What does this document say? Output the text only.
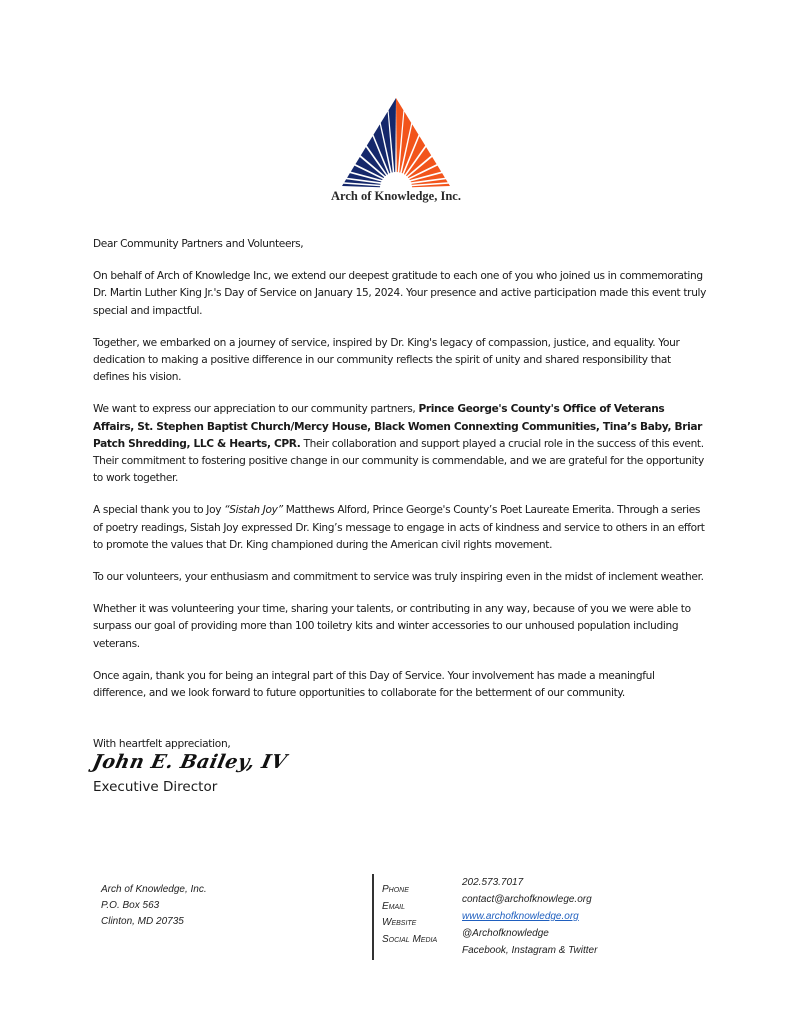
Arch of Knowledge, Inc.

Dear Community Partners and Volunteers,

On behalf of Arch of Knowledge Inc, we extend our deepest gratitude to each one of you who joined us in commemorating Dr. Martin Luther King Jr.'s Day of Service on January 15, 2024. Your presence and active participation made this event truly special and impactful.

Together, we embarked on a journey of service, inspired by Dr. King's legacy of compassion, justice, and equality. Your dedication to making a positive difference in our community reflects the spirit of unity and shared responsibility that defines his vision.

We want to express our appreciation to our community partners, Prince George's County's Office of Veterans Affairs, St. Stephen Baptist Church/Mercy House, Black Women Connexting Communities, Tina’s Baby, Briar Patch Shredding, LLC & Hearts, CPR. Their collaboration and support played a crucial role in the success of this event. Their commitment to fostering positive change in our community is commendable, and we are grateful for the opportunity to work together.

A special thank you to Joy “Sistah Joy” Matthews Alford, Prince George's County’s Poet Laureate Emerita. Through a series of poetry readings, Sistah Joy expressed Dr. King’s message to engage in acts of kindness and service to others in an effort to promote the values that Dr. King championed during the American civil rights movement.

To our volunteers, your enthusiasm and commitment to service was truly inspiring even in the midst of inclement weather.

Whether it was volunteering your time, sharing your talents, or contributing in any way, because of you we were able to surpass our goal of providing more than 100 toiletry kits and winter accessories to our unhoused population including veterans.

Once again, thank you for being an integral part of this Day of Service. Your involvement has made a meaningful difference, and we look forward to future opportunities to collaborate for the betterment of our community.

With heartfelt appreciation,
John E. Bailey, IV
Executive Director
Arch of Knowledge, Inc.
P.O. Box 563
Clinton, MD 20735
Phone
Email
Website
Social Media
202.573.7017
contact@archofknowlege.org
www.archofknowledge.org
@Archofknowledge
Facebook, Instagram & Twitter
